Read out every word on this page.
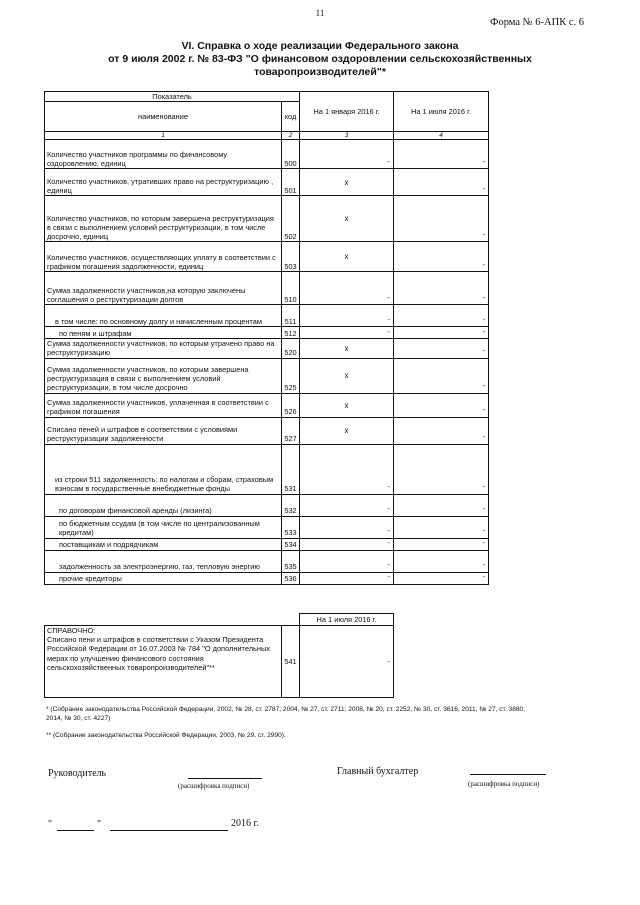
11
Форма № 6-АПК с. 6
VI. Справка о ходе реализации Федерального закона
от 9 июля 2002 г. № 83-ФЗ "О финансовом оздоровлении сельскохозяйственных
товаропроизводителей"*
Показатель		На 1 января 2016 г.	На 1 июля 2016 г.
наименование	код		
1	2	3	4
Количество участников программы по финансовому оздоровлению, единиц	500	-	-

Количество участников, утративших право на реструктуризацию , единиц	501	х	-

Количество участников, по которым завершена реструктуризация в связи с выполнением условий реструктуризации, в том числе досрочно, единиц	502	х	-

Количество участников, осуществляющих уплату в соответствии с графиком погашения задолженности, единиц	503	х	-

Сумма задолженности участников,на которую заключены соглашения о реструктуризации долгов	510	-	-

в том числе: по основному долгу и начисленным процентам	511	-	-

по пеням и штрафам	512	-	-

Сумма задолженности участников, по которым утрачено право на реструктуризацию	520	х	-

Сумма задолженности участников, по которым завершена реструктуризация в связи с выполнением условий реструктуризации, в том числе досрочно	525	х	-

Сумма задолженности участников, уплаченная в соответствии с графиком погашения	526	х	-

Списано пеней и штрафов в соответствии с условиями реструктуризации задолженности	527	х	-

из строки 511 задолженность: по налогам и сборам, страховым взносам в государственные внебюджетные фонды	531	-	-

по договорам финансовой аренды (лизинга)	532	-	-

по бюджетным ссудам (в том числе по централизованным кредитам)	533	-	-

поставщикам и подрядчикам	534	-	-

задолженность за электроэнергию, газ, тепловую энергию	535	-	-

прочие кредиторы	536	-	-
		На 1 июля 2016 г.

СПРАВОЧНО:
Списано пени и штрафов в соответствии с Указом Президента Российской Федерации от 16.07.2003 № 784 "О дополнительных мерах по улучшению финансового состояния сельскохозяйственных товаропроизводителей"**	541	-
* (Собрание законодательства Российской Федерации, 2002, № 28, ст. 2787; 2004, № 27, ст. 2711; 2008, № 20, ст. 2252, № 30, ст. 3616, 2011, № 27, ст. 3880; 2014, № 30, ст. 4227)
** (Собрание законодательства Российской Федерации, 2003, № 29, ст. 2990).
Руководитель
(расшифровка подписи)
Главный бухгалтер
(расшифровка подписи)
"	"	2016 г.
